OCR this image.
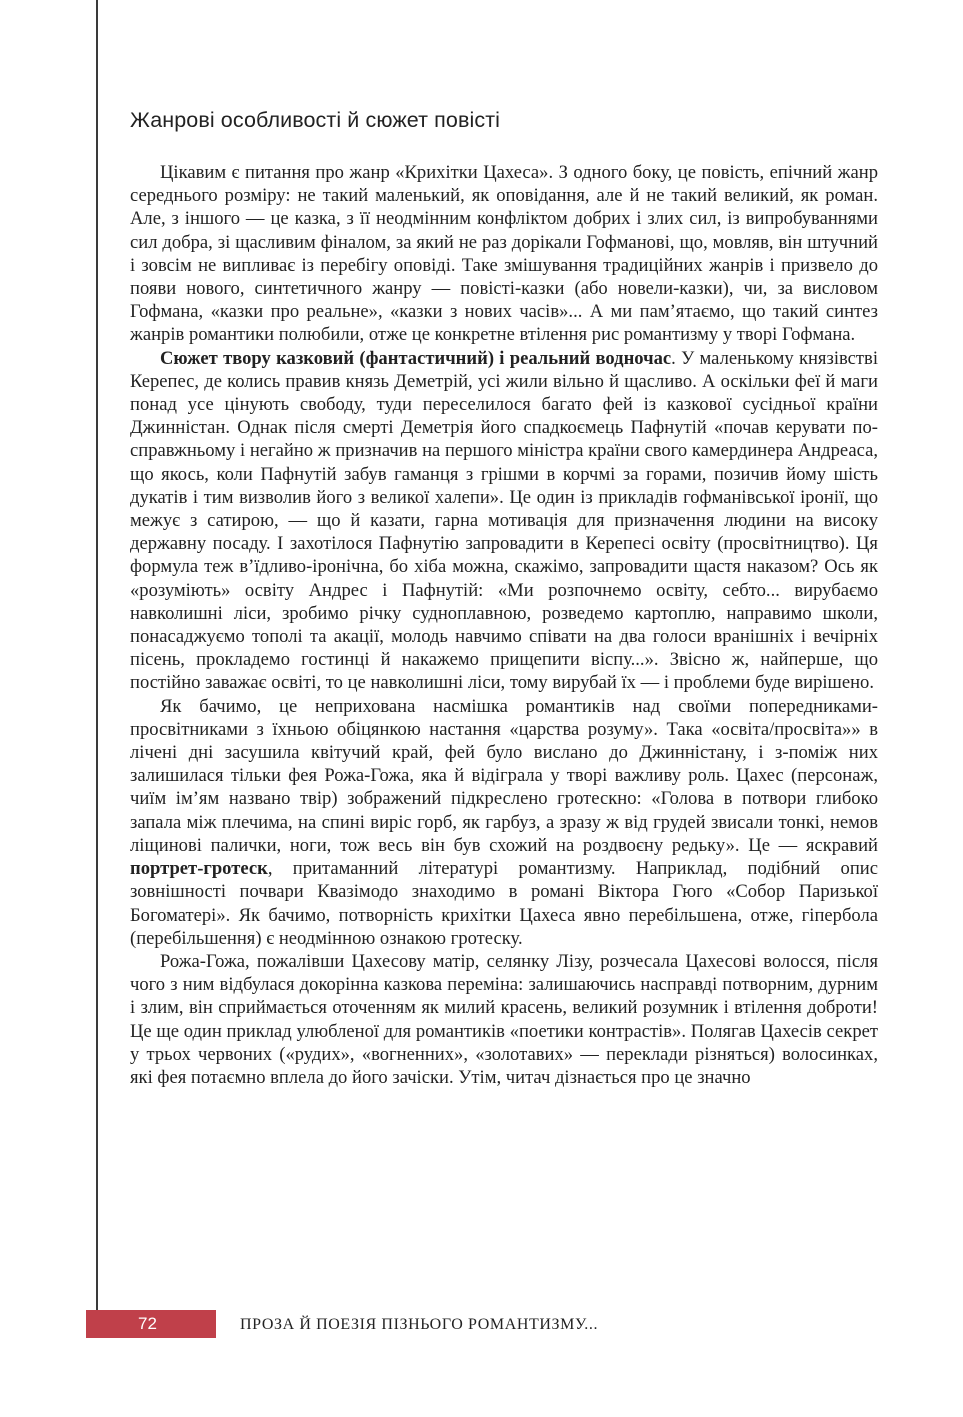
Жанрові особливості й сюжет повісті

Цікавим є питання про жанр «Крихітки Цахеса». З одного боку, це повість, епічний жанр середнього розміру: не такий маленький, як оповідання, але й не такий великий, як роман. Але, з іншого — це казка, з її неодмінним конфліктом добрих і злих сил, із випробуваннями сил добра, зі щасливим фіналом, за який не раз дорікали Гофманові, що, мовляв, він штучний і зовсім не випливає із перебігу оповіді. Таке змішування традиційних жанрів і призвело до появи нового, синтетичного жанру — повісті-казки (або новели-казки), чи, за висловом Гофмана, «казки про реальне», «казки з нових часів»... А ми пам’ятаємо, що такий синтез жанрів романтики полюбили, отже це конкретне втілення рис романтизму у творі Гофмана.

Сюжет твору казковий (фантастичний) і реальний водночас. У маленькому князівстві Керепес, де колись правив князь Деметрій, усі жили вільно й щасливо. А оскільки феї й маги понад усе цінують свободу, туди переселилося багато фей із казкової сусідньої країни Джинністан. Однак після смерті Деметрія його спадкоємець Пафнутій «почав керувати по-справжньому і негайно ж призначив на першого міністра країни свого камердинера Андреаса, що якось, коли Пафнутій забув гаманця з грішми в корчмі за горами, позичив йому шість дукатів і тим визволив його з великої халепи». Це один із прикладів гофманівської іронії, що межує з сатирою, — що й казати, гарна мотивація для призначення людини на високу державну посаду. І захотілося Пафнутію запровадити в Керепесі освіту (просвітництво). Ця формула теж в’їдливо-іронічна, бо хіба можна, скажімо, запровадити щастя наказом? Ось як «розуміють» освіту Андрес і Пафнутій: «Ми розпочнемо освіту, себто... вирубаємо навколишні ліси, зробимо річку судноплавною, розведемо картоплю, направимо школи, понасаджуємо тополі та акації, молодь навчимо співати на два голоси вранішніх і вечірніх пісень, прокладемо гостинці й накажемо прищепити віспу...». Звісно ж, найперше, що постійно заважає освіті, то це навколишні ліси, тому вирубай їх — і проблеми буде вирішено.

Як бачимо, це неприхована насмішка романтиків над своїми попередниками-просвітниками з їхньою обіцянкою настання «царства розуму». Така «освіта/просвіта»» в лічені дні засушила квітучий край, фей було вислано до Джинністану, і з-поміж них залишилася тільки фея Рожа-Гожа, яка й відіграла у творі важливу роль. Цахес (персонаж, чиїм ім’ям названо твір) зображений підкреслено гротескно: «Голова в потвори глибоко запала між плечима, на спині виріс горб, як гарбуз, а зразу ж від грудей звисали тонкі, немов ліщинові палички, ноги, тож весь він був схожий на роздвоєну редьку». Це — яскравий портрет-гротеск, притаманний літературі романтизму. Наприклад, подібний опис зовнішності почвари Квазімодо знаходимо в романі Віктора Гюго «Собор Паризької Богоматері». Як бачимо, потворність крихітки Цахеса явно перебільшена, отже, гіпербола (перебільшення) є неодмінною ознакою гротеску.

Рожа-Гожа, пожалівши Цахесову матір, селянку Лізу, розчесала Цахесові волосся, після чого з ним відбулася докорінна казкова переміна: залишаючись насправді потворним, дурним і злим, він сприймається оточенням як милий красень, великий розумник і втілення доброти! Це ще один приклад улюбленої для романтиків «поетики контрастів». Полягав Цахесів секрет у трьох червоних («рудих», «вогненних», «золотавих» — переклади різняться) волосинках, які фея потаємно вплела до його зачіски. Утім, читач дізнається про це значно

72	ПРОЗА Й ПОЕЗІЯ ПІЗНЬОГО РОМАНТИЗМУ...
